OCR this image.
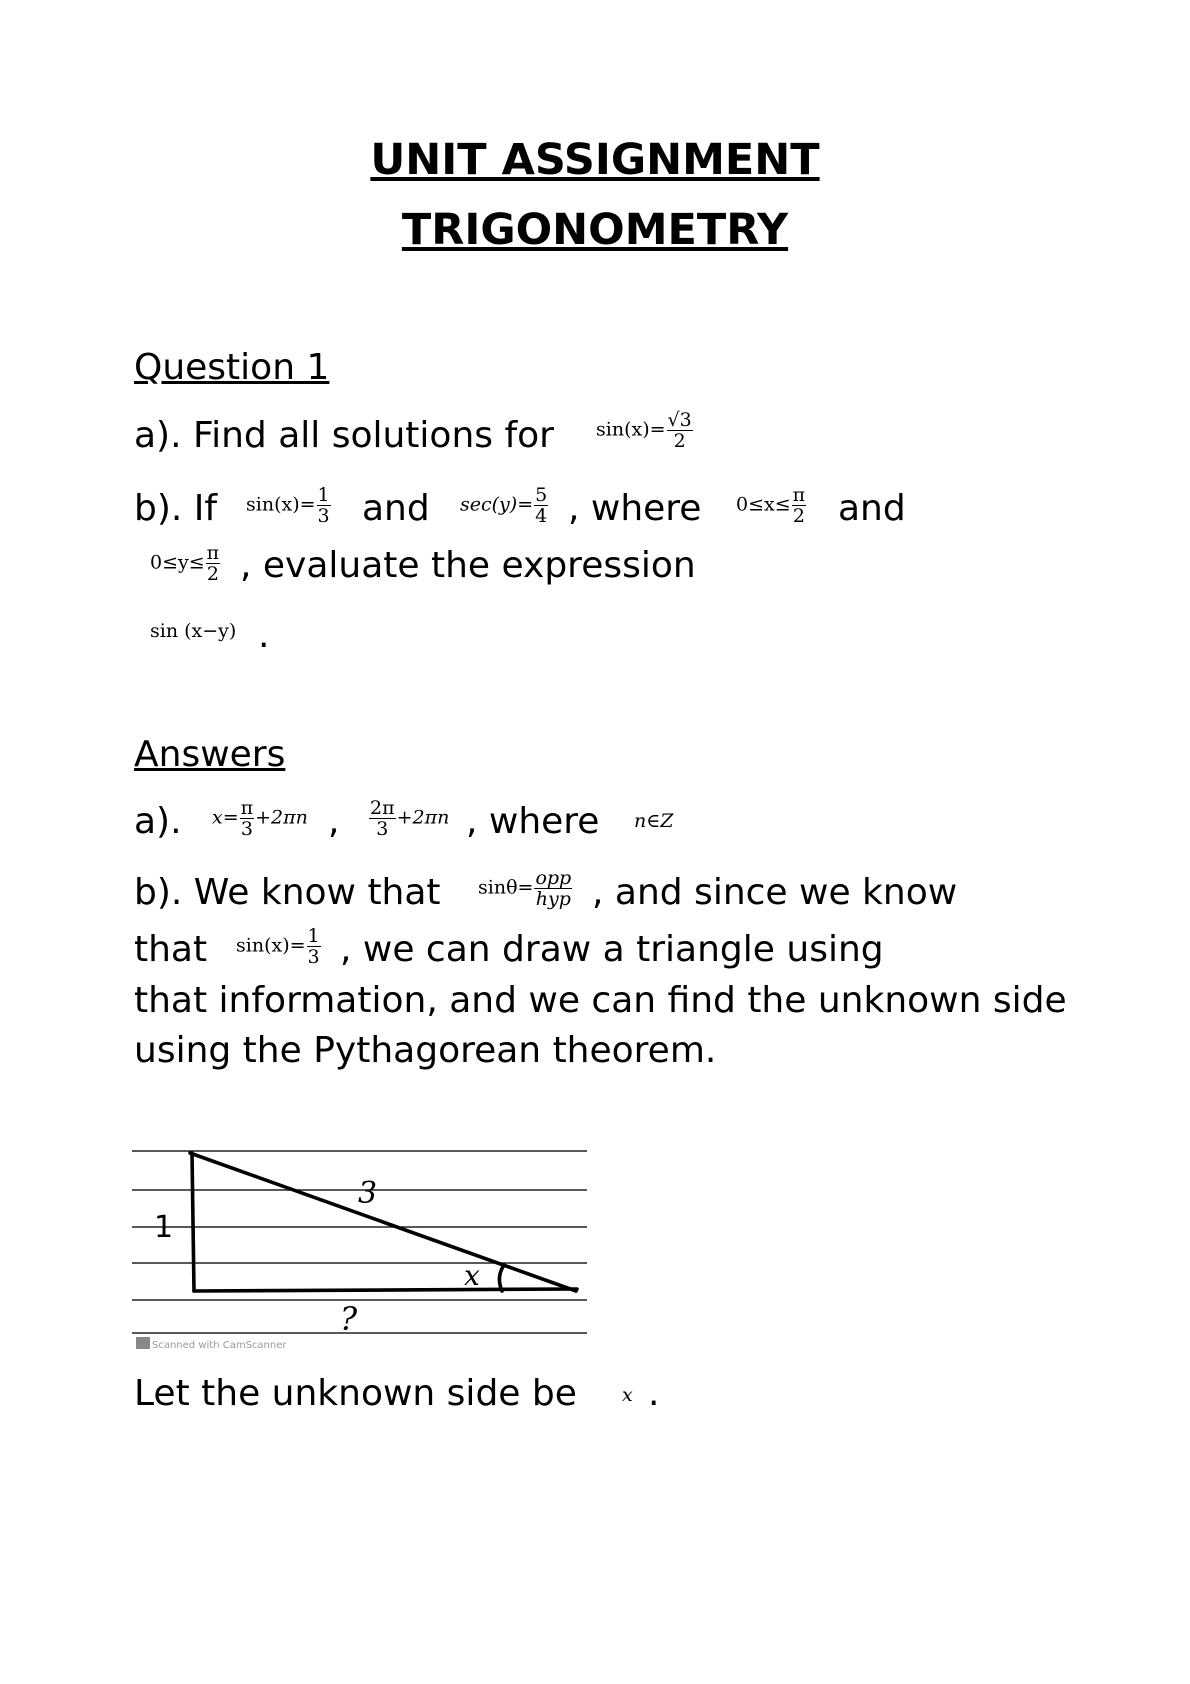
UNIT ASSIGNMENT
TRIGONOMETRY
Question 1
a). Find all solutions for $\sin(x)= \frac{√3}{2}$
b). If $\sin(x)= \frac{1}{3}$ and $\sec(y)= \frac{5}{4}$ , where $0\le x\le \frac{\pi}{2}$ and
$0\le y\le \frac{\pi}{2}$ , evaluate the expression
sin (x−y) .
Answers
a). $x= \frac{\pi}{3} +2\pi n$ , $\frac{2\pi}{3} +2\pi n$ , where n∈Z
b). We know that $\sin\theta= \frac{\text{opp}}{\text{hyp}}$ , and since we know
that $\sin(x)= \frac{1}{3}$ , we can draw a triangle using
that information, and we can find the unknown side using the Pythagorean theorem.
3
1
x
?
Scanned with CamScanner
Let the unknown side be x .
